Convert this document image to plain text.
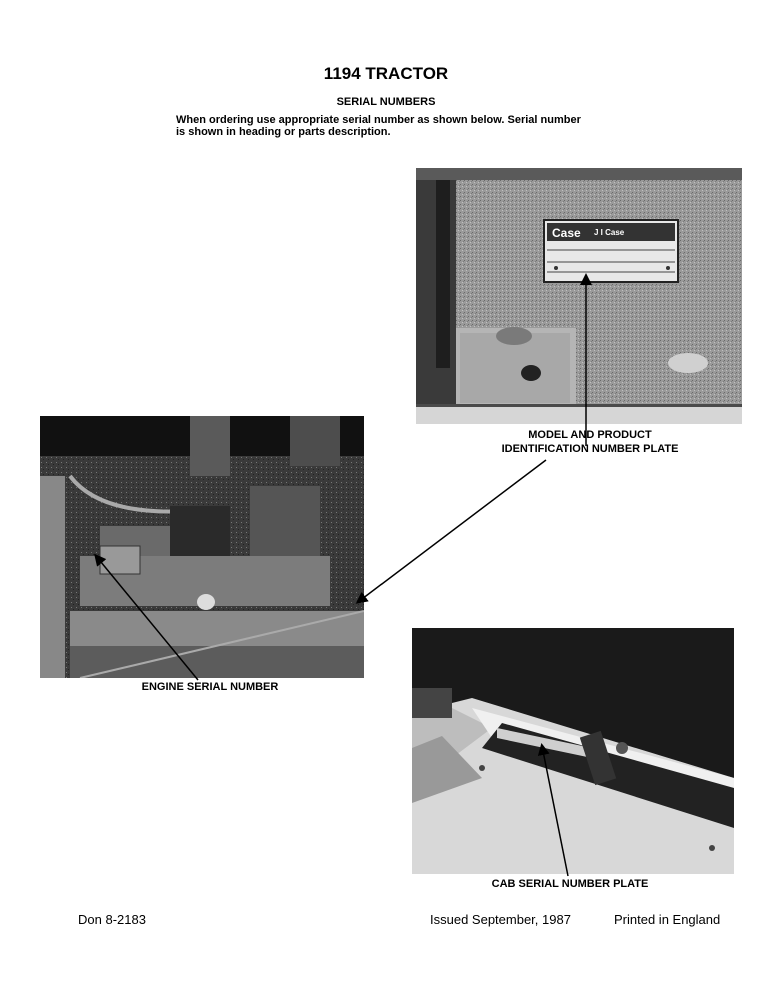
1194 TRACTOR
SERIAL NUMBERS
When ordering use appropriate serial number as shown below. Serial number
is shown in heading or parts description.
Case J I Case
MODEL AND PRODUCT
IDENTIFICATION NUMBER PLATE
ENGINE SERIAL NUMBER
CAB SERIAL NUMBER PLATE
Don 8-2183	Issued September, 1987	Printed in England
